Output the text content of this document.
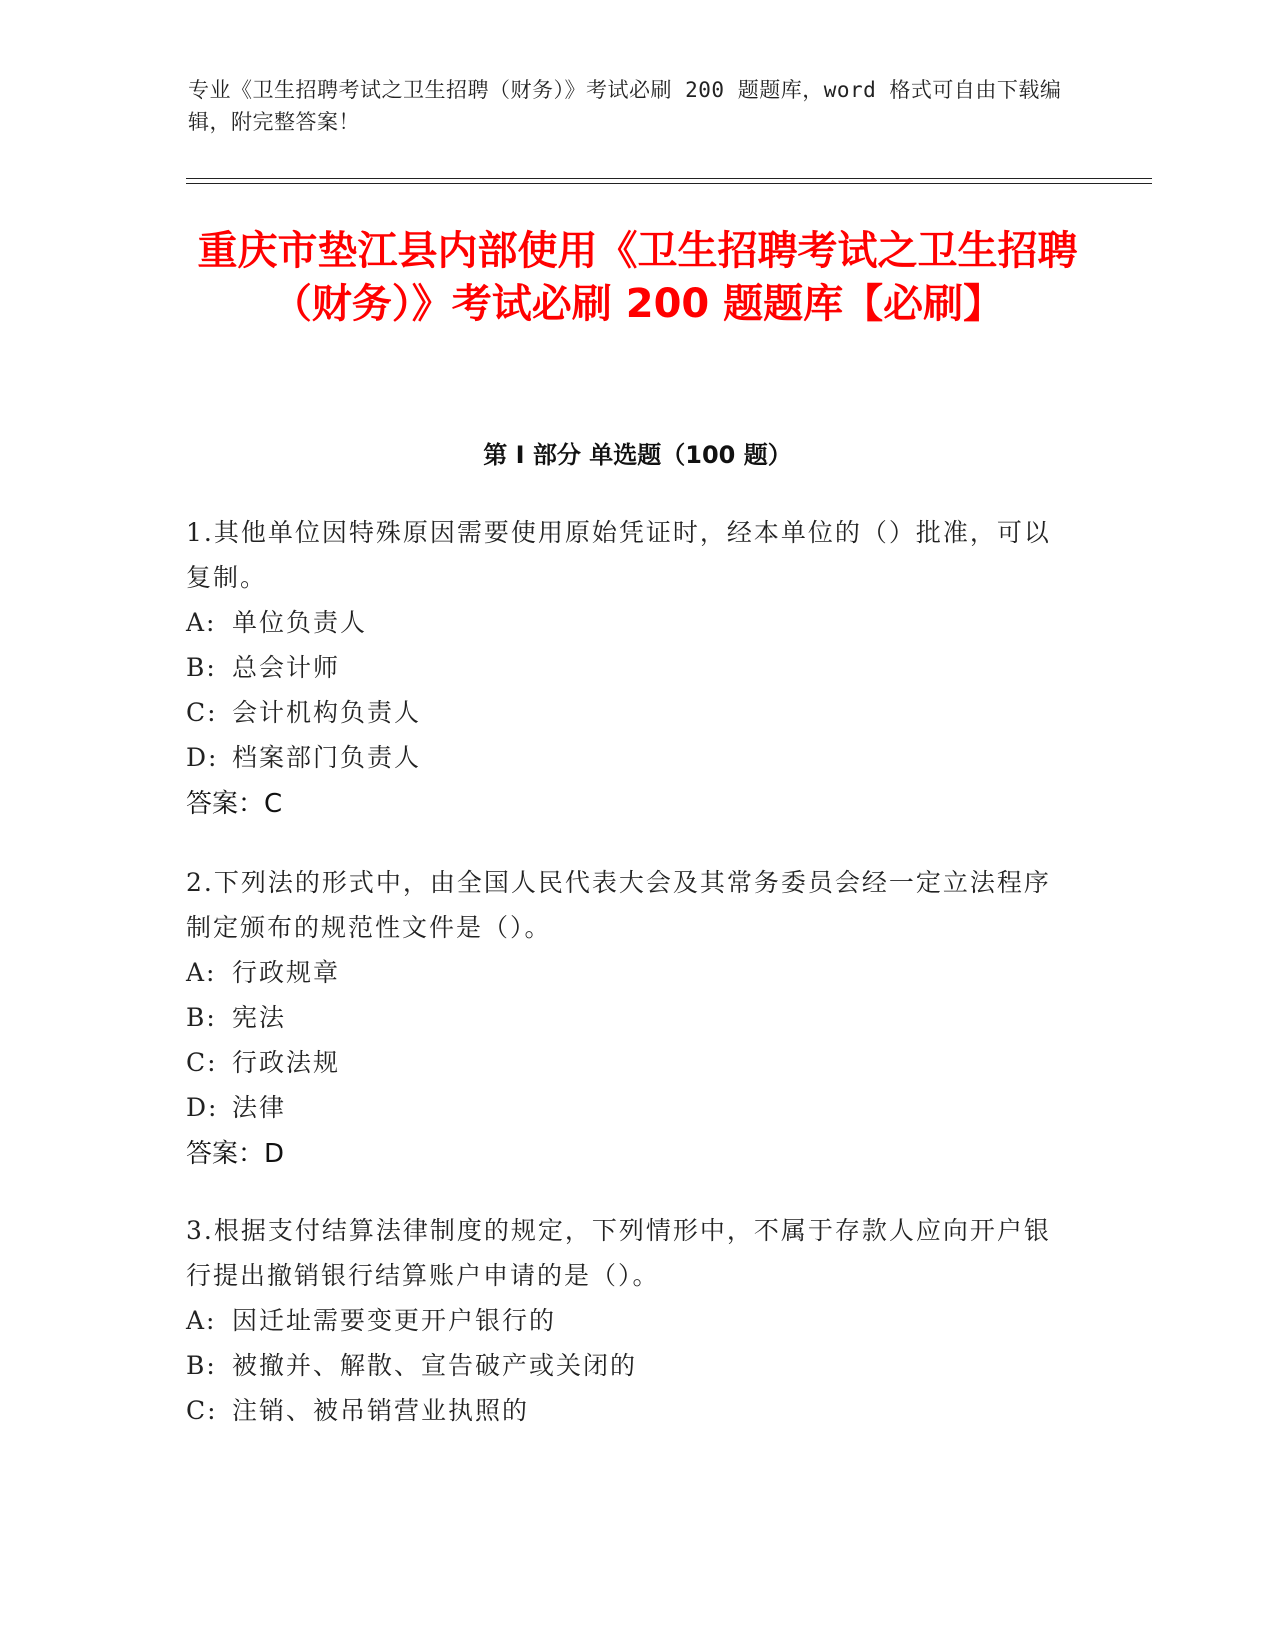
专业《卫生招聘考试之卫生招聘（财务）》考试必刷 200 题题库，word 格式可自由下载编辑，附完整答案！
重庆市垫江县内部使用《卫生招聘考试之卫生招聘（财务）》考试必刷 200 题题库【必刷】
第 I 部分 单选题（100 题）
1.其他单位因特殊原因需要使用原始凭证时，经本单位的（）批准，可以复制。
A: 单位负责人
B: 总会计师
C: 会计机构负责人
D: 档案部门负责人
答案：C
2.下列法的形式中，由全国人民代表大会及其常务委员会经一定立法程序制定颁布的规范性文件是（）。
A: 行政规章
B: 宪法
C: 行政法规
D: 法律
答案：D
3.根据支付结算法律制度的规定，下列情形中，不属于存款人应向开户银行提出撤销银行结算账户申请的是（）。
A: 因迁址需要变更开户银行的
B: 被撤并、解散、宣告破产或关闭的
C: 注销、被吊销营业执照的
